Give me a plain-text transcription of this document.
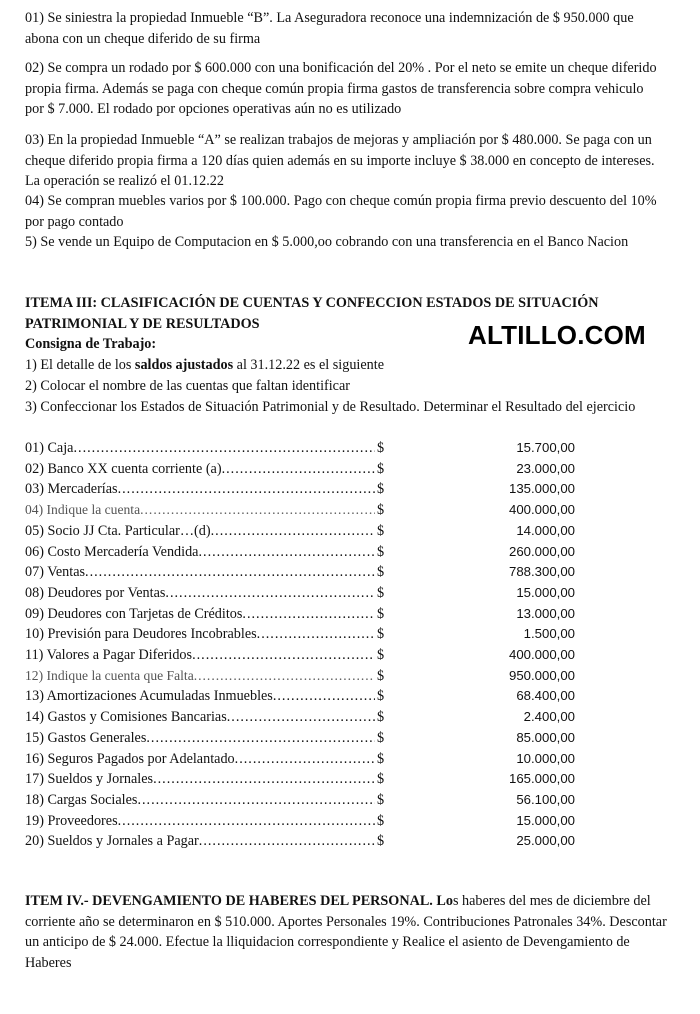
01) Se siniestra la propiedad Inmueble “B”. La Aseguradora reconoce una indemnización de $ 950.000 que abona con un cheque diferido de su firma
02) Se compra un rodado por $ 600.000 con una bonificación del 20% . Por el neto se emite un cheque diferido propia firma. Además se paga con cheque común propia firma gastos de transferencia sobre compra vehiculo por $ 7.000. El rodado por opciones operativas aún no es utilizado
03) En la propiedad Inmueble “A” se realizan trabajos de mejoras y ampliación por $ 480.000. Se paga con un cheque diferido propia firma a 120 días quien además en su importe incluye $ 38.000 en concepto de intereses. La operación se realizó el 01.12.22
04) Se compran muebles varios por $ 100.000. Pago con cheque común propia firma previo descuento del 10% por pago contado
5) Se vende un Equipo de Computacion en $ 5.000,oo cobrando con una transferencia en el Banco Nacion
ITEMA III: CLASIFICACIÓN DE CUENTAS Y CONFECCION ESTADOS DE SITUACIÓN PATRIMONIAL Y DE RESULTADOS	ALTILLO.COM
Consigna de Trabajo:
1) El detalle de los saldos ajustados al 31.12.22 es el siguiente
2) Colocar el nombre de las cuentas que faltan identificar
3) Confeccionar los Estados de Situación Patrimonial y de Resultado. Determinar el Resultado del ejercicio
01) Caja .....	$	15.700,00
02) Banco XX cuenta corriente (a) .....	$	23.000,00
03) Mercaderías .....	$	135.000,00
04) Indique la cuenta .....	$	400.000,00
05) Socio JJ Cta. Particular…(d) .....	$	14.000,00
06) Costo Mercadería Vendida .....	$	260.000,00
07) Ventas .....	$	788.300,00
08) Deudores por Ventas .....	$	15.000,00
09) Deudores con Tarjetas de Créditos .....	$	13.000,00
10) Previsión para Deudores Incobrables .....	$	1.500,00
11) Valores a Pagar Diferidos .....	$	400.000,00
12) Indique la cuenta que Falta .....	$	950.000,00
13) Amortizaciones Acumuladas Inmuebles .....	$	68.400,00
14) Gastos y Comisiones Bancarias .....	$	2.400,00
15) Gastos Generales .....	$	85.000,00
16) Seguros Pagados por Adelantado .....	$	10.000,00
17) Sueldos y Jornales .....	$	165.000,00
18) Cargas Sociales .....	$	56.100,00
19) Proveedores .....	$	15.000,00
20) Sueldos y Jornales a Pagar .....	$	25.000,00
ITEM IV.- DEVENGAMIENTO DE HABERES DEL PERSONAL. Los haberes del mes de diciembre del corriente año se determinaron en $ 510.000. Aportes Personales 19%. Contribuciones Patronales 34%. Descontar un anticipo de $ 24.000. Efectue la lliquidacion correspondiente y Realice el asiento de Devengamiento de Haberes
